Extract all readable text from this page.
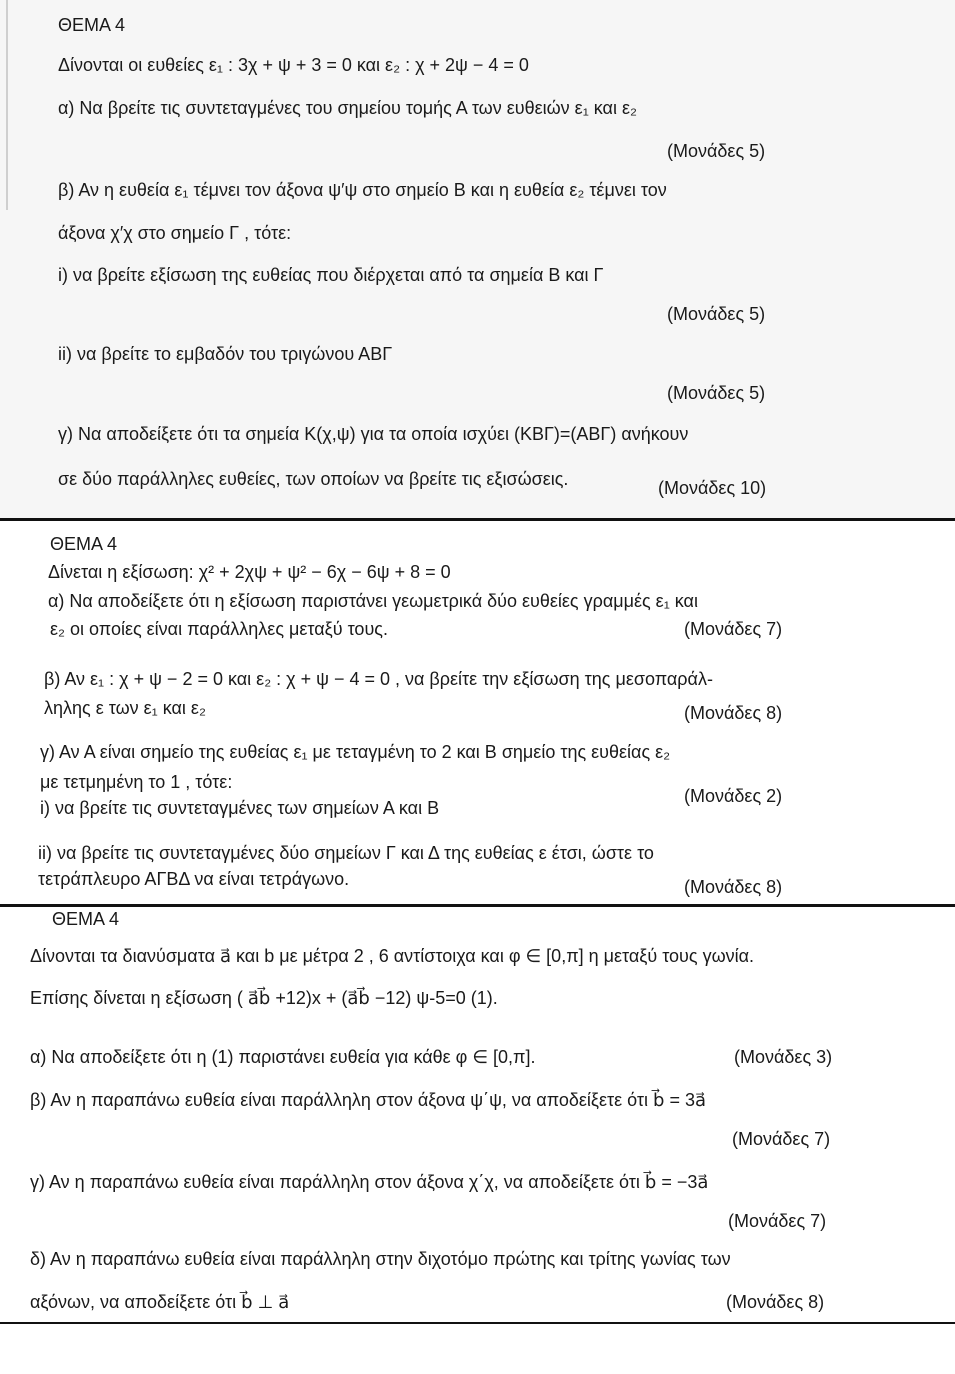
ΘΕΜΑ 4
Δίνονται οι ευθείες ε₁ : 3χ + ψ + 3 = 0 και ε₂ : χ + 2ψ − 4 = 0
α) Να βρείτε τις συντεταγμένες του σημείου τομής Α των ευθειών ε₁ και ε₂
(Μονάδες 5)
β) Αν η ευθεία ε₁ τέμνει τον άξονα ψ′ψ στο σημείο Β και η ευθεία ε₂ τέμνει τον
άξονα χ′χ στο σημείο Γ , τότε:
i) να βρείτε εξίσωση της ευθείας που διέρχεται από τα σημεία Β και Γ
(Μονάδες 5)
ii) να βρείτε το εμβαδόν του τριγώνου ΑΒΓ
(Μονάδες 5)
γ) Να αποδείξετε ότι τα σημεία Κ(χ,ψ) για τα οποία ισχύει (ΚΒΓ)=(ΑΒΓ) ανήκουν
σε δύο παράλληλες ευθείες, των οποίων να βρείτε τις εξισώσεις.	(Μονάδες 10)
ΘΕΜΑ 4
Δίνεται η εξίσωση: χ² + 2χψ + ψ² − 6χ − 6ψ + 8 = 0
α) Να αποδείξετε ότι η εξίσωση παριστάνει γεωμετρικά δύο ευθείες γραμμές ε₁ και
ε₂ οι οποίες είναι παράλληλες μεταξύ τους.	(Μονάδες 7)
β) Αν ε₁ : χ + ψ − 2 = 0 και ε₂ : χ + ψ − 4 = 0 , να βρείτε την εξίσωση της μεσοπαράλ-
ληλης ε των ε₁ και ε₂	(Μονάδες 8)
γ) Αν Α είναι σημείο της ευθείας ε₁ με τεταγμένη το 2 και Β σημείο της ευθείας ε₂
με τετμημένη το 1 , τότε:
i) να βρείτε τις συντεταγμένες των σημείων Α και Β
(Μονάδες 2)
ii) να βρείτε τις συντεταγμένες δύο σημείων Γ και Δ της ευθείας ε έτσι, ώστε το
τετράπλευρο ΑΓΒΔ να είναι τετράγωνο.	(Μονάδες 8)
ΘΕΜΑ 4
Δίνονται τα διανύσματα a⃗ και b με μέτρα 2 , 6 αντίστοιχα και φ ∈ [0,π] η μεταξύ τους γωνία.
Επίσης δίνεται η εξίσωση ( a⃗b⃗ +12)x + (a⃗b⃗ −12) ψ-5=0 (1).
α) Να αποδείξετε ότι η (1) παριστάνει ευθεία για κάθε φ ∈ [0,π].	(Μονάδες 3)
β) Αν η παραπάνω ευθεία είναι παράλληλη στον άξονα ψ΄ψ, να αποδείξετε ότι b⃗ = 3a⃗
(Μονάδες 7)
γ) Αν η παραπάνω ευθεία είναι παράλληλη στον άξονα χ΄χ, να αποδείξετε ότι b⃗ = −3a⃗
(Μονάδες 7)
δ) Αν η παραπάνω ευθεία είναι παράλληλη στην διχοτόμο πρώτης και τρίτης γωνίας των
αξόνων, να αποδείξετε ότι b⃗ ⊥ a⃗	(Μονάδες 8)
